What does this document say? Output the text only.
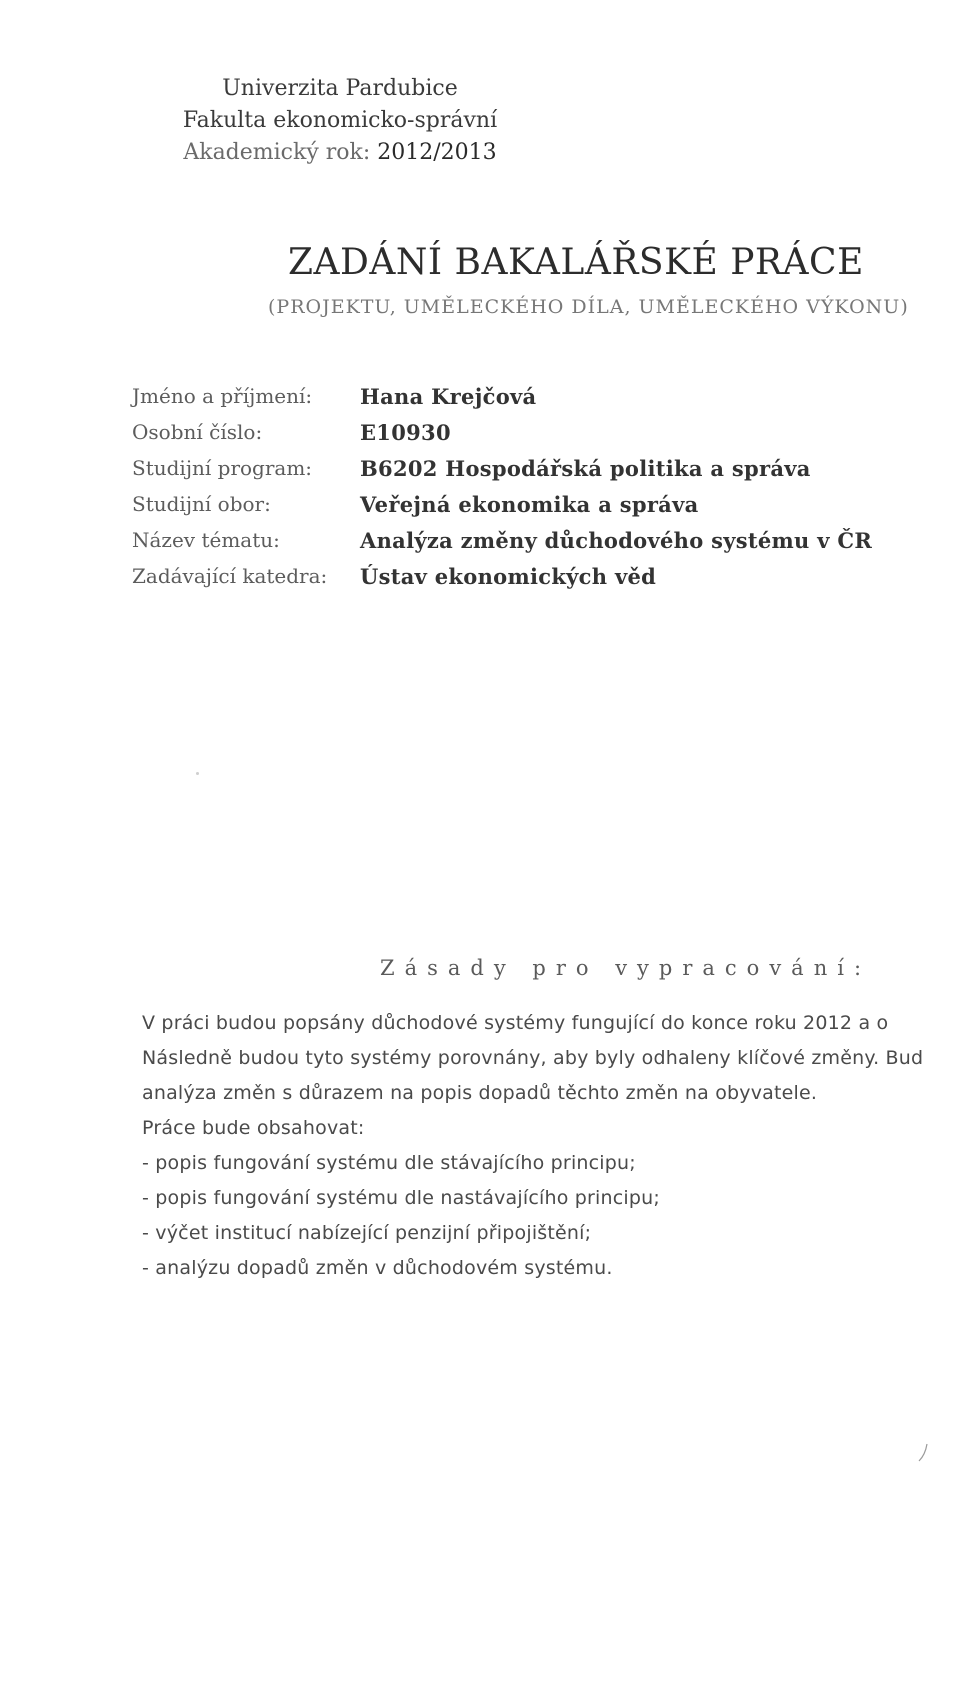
Univerzita Pardubice
Fakulta ekonomicko-správní
Akademický rok: 2012/2013
ZADÁNÍ BAKALÁŘSKÉ PRÁCE
(PROJEKTU, UMĚLECKÉHO DÍLA, UMĚLECKÉHO VÝKONU)
Jméno a příjmení: Hana Krejčová
Osobní číslo:	E10930
Studijní program: B6202 Hospodářská politika a správa
Studijní obor:	Veřejná ekonomika a správa
Název tématu:	Analýza změny důchodového systému v ČR
Zadávající katedra: Ústav ekonomických věd
Zásady pro vypracování:
V práci budou popsány důchodové systémy fungující do konce roku 2012 a o
Následně budou tyto systémy porovnány, aby byly odhaleny klíčové změny. Bud
analýza změn s důrazem na popis dopadů těchto změn na obyvatele.
Práce bude obsahovat:
- popis fungování systému dle stávajícího principu;
- popis fungování systému dle nastávajícího principu;
- výčet institucí nabízející penzijní připojištění;
- analýzu dopadů změn v důchodovém systému.
